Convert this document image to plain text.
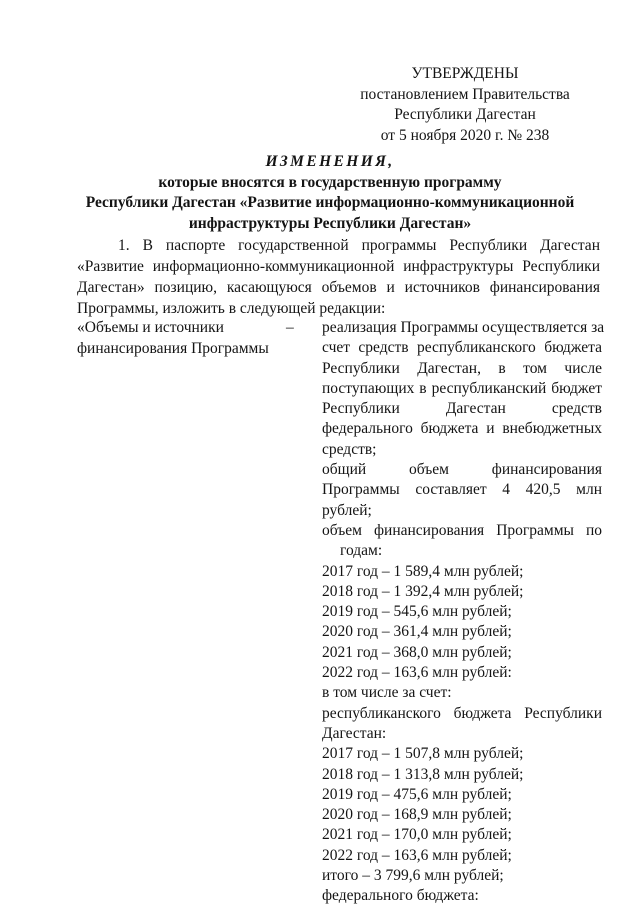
УТВЕРЖДЕНЫ
постановлением Правительства
Республики Дагестан
от 5 ноября 2020 г. № 238
ИЗМЕНЕНИЯ,
которые вносятся в государственную программу
Республики Дагестан «Развитие информационно-коммуникационной
инфраструктуры Республики Дагестан»
1. В паспорте государственной программы Республики Дагестан
«Развитие информационно-коммуникационной инфраструктуры Республики
Дагестан» позицию, касающуюся объемов и источников финансирования
Программы, изложить в следующей редакции:
«Объемы и источники
финансирования Программы
– реализация Программы осуществляется за
счет средств республиканского бюджета
Республики Дагестан, в том числе
поступающих в республиканский бюджет
Республики Дагестан средств
федерального бюджета и внебюджетных
средств;
общий объем финансирования
Программы составляет 4 420,5 млн
рублей;
объем финансирования Программы по
годам:
2017 год – 1 589,4 млн рублей;
2018 год – 1 392,4 млн рублей;
2019 год – 545,6 млн рублей;
2020 год – 361,4 млн рублей;
2021 год – 368,0 млн рублей;
2022 год – 163,6 млн рублей:
в том числе за счет:
республиканского бюджета Республики
Дагестан:
2017 год – 1 507,8 млн рублей;
2018 год – 1 313,8 млн рублей;
2019 год – 475,6 млн рублей;
2020 год – 168,9 млн рублей;
2021 год – 170,0 млн рублей;
2022 год – 163,6 млн рублей;
итого – 3 799,6 млн рублей;
федерального бюджета:
